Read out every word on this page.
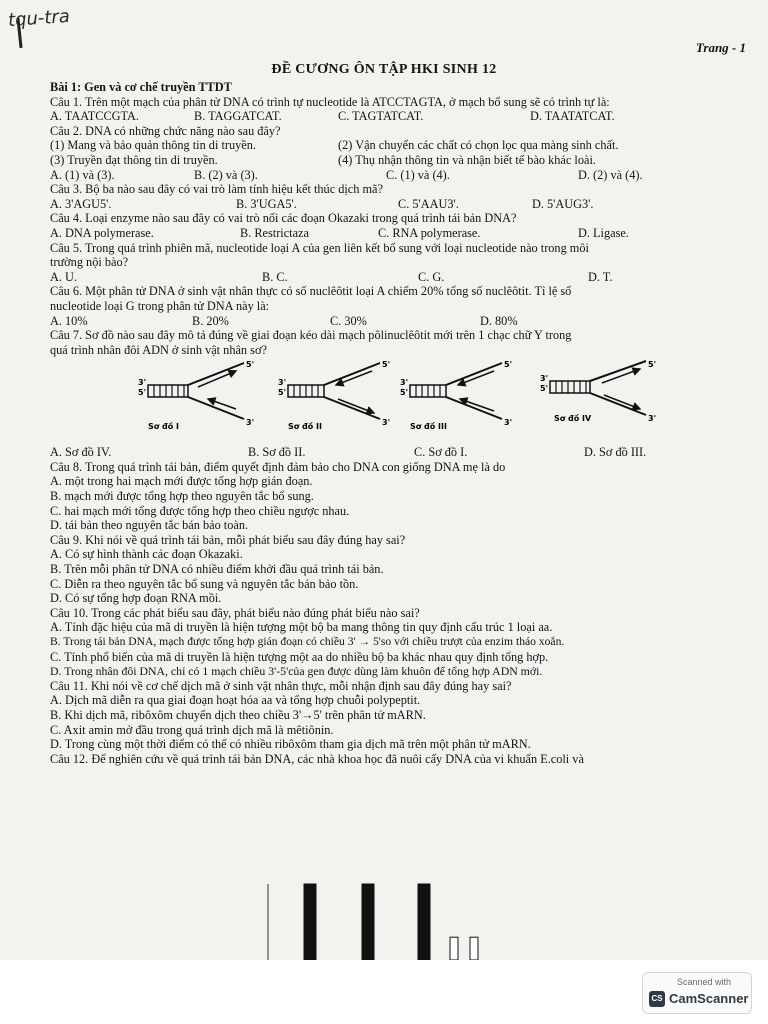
tqu-tra
Trang - 1
ĐỀ CƯƠNG ÔN TẬP HKI SINH 12
Bài 1: Gen và cơ chế truyền TTDT
Câu 1. Trên một mạch của phân tử DNA có trình tự nucleotide là ATCCTAGTA, ở mạch bổ sung sẽ có trình tự là:
A. TAATCCGTA.	B. TAGGATCAT.	C. TAGTATCAT.	D. TAATATCAT.
Câu 2. DNA có những chức năng nào sau đây?
(1) Mang và bảo quản thông tin di truyền.	(2) Vận chuyển các chất có chọn lọc qua màng sinh chất.
(3) Truyền đạt thông tin di truyền.	(4) Thụ nhận thông tin và nhận biết tế bào khác loài.
A. (1) và (3).	B. (2) và (3).	C. (1) và (4).	D. (2) và (4).
Câu 3. Bộ ba nào sau đây có vai trò làm tính hiệu kết thúc dịch mã?
A. 3'AGU5'.	B. 3'UGA5'.	C. 5'AAU3'.	D. 5'AUG3'.
Câu 4. Loại enzyme nào sau đây có vai trò nối các đoạn Okazaki trong quá trình tái bản DNA?
A. DNA polymerase.	B. Restrictaza	C. RNA polymerase.	D. Ligase.
Câu 5. Trong quá trình phiên mã, nucleotide loại A của gen liên kết bổ sung với loại nucleotide nào trong môi
trường nội bào?
A. U.	B. C.	C. G.	D. T.
Câu 6. Một phân tử DNA ở sinh vật nhân thực có số nuclêôtit loại A chiếm 20% tổng số nuclêôtit. Tỉ lệ số
nucleotide loại G trong phân tử DNA này là:
A. 10%	B. 20%	C. 30%	D. 80%
Câu 7. Sơ đồ nào sau đây mô tả đúng về giai đoạn kéo dài mạch pôlinuclêôtit mới trên 1 chạc chữ Y trong
quá trình nhân đôi ADN ở sinh vật nhân sơ?
3'
5'
5'
3'
Sơ đồ I
3'
5'
5'
3'
Sơ đồ II
3'
5'
5'
3'
Sơ đồ III
3'
5'
5'
3'
Sơ đồ IV
A. Sơ đồ IV.	B. Sơ đồ II.	C. Sơ đồ I.	D. Sơ đồ III.
Câu 8. Trong quá trình tái bản, điểm quyết định đảm bảo cho DNA con giống DNA mẹ là do
A. một trong hai mạch mới được tổng hợp gián đoạn.
B. mạch mới được tổng hợp theo nguyên tắc bổ sung.
C. hai mạch mới tổng được tổng hợp theo chiều ngược nhau.
D. tái bản theo nguyên tắc bán bảo toàn.
Câu 9. Khi nói về quá trình tái bản, mỗi phát biểu sau đây đúng hay sai?
A. Có sự hình thành các đoạn Okazaki.
B. Trên mỗi phân tử DNA có nhiều điểm khởi đầu quá trình tái bản.
C. Diễn ra theo nguyên tắc bổ sung và nguyên tắc bán bảo tồn.
D. Có sự tổng hợp đoạn RNA mồi.
Câu 10. Trong các phát biểu sau đây, phát biểu nào đúng phát biểu nào sai?
A. Tính đặc hiệu của mã di truyền là hiện tượng một bộ ba mang thông tin quy định cấu trúc 1 loại aa.
B. Trong tái bản DNA, mạch được tổng hợp gián đoạn có chiều 3' → 5'so với chiều trượt của enzim tháo xoắn.
C. Tính phổ biến của mã di truyền là hiện tượng một aa do nhiều bộ ba khác nhau quy định tổng hợp.
D. Trong nhân đôi DNA, chỉ có 1 mạch chiều 3'-5'của gen được dùng làm khuôn để tổng hợp ADN mới.
Câu 11. Khi nói về cơ chế dịch mã ở sinh vật nhân thực, mỗi nhận định sau đây đúng hay sai?
A. Dịch mã diễn ra qua giai đoạn hoạt hóa aa và tổng hợp chuỗi polypeptit.
B. Khi dịch mã, ribôxôm chuyển dịch theo chiều 3'→5' trên phân tử mARN.
C. Axit amin mở đầu trong quá trình dịch mã là mêtiônin.
D. Trong cùng một thời điểm có thể có nhiều ribôxôm tham gia dịch mã trên một phân tử mARN.
Câu 12. Để nghiên cứu về quá trình tái bản DNA, các nhà khoa học đã nuôi cấy DNA của vi khuẩn E.coli và
Scanned with
CS CamScanner
